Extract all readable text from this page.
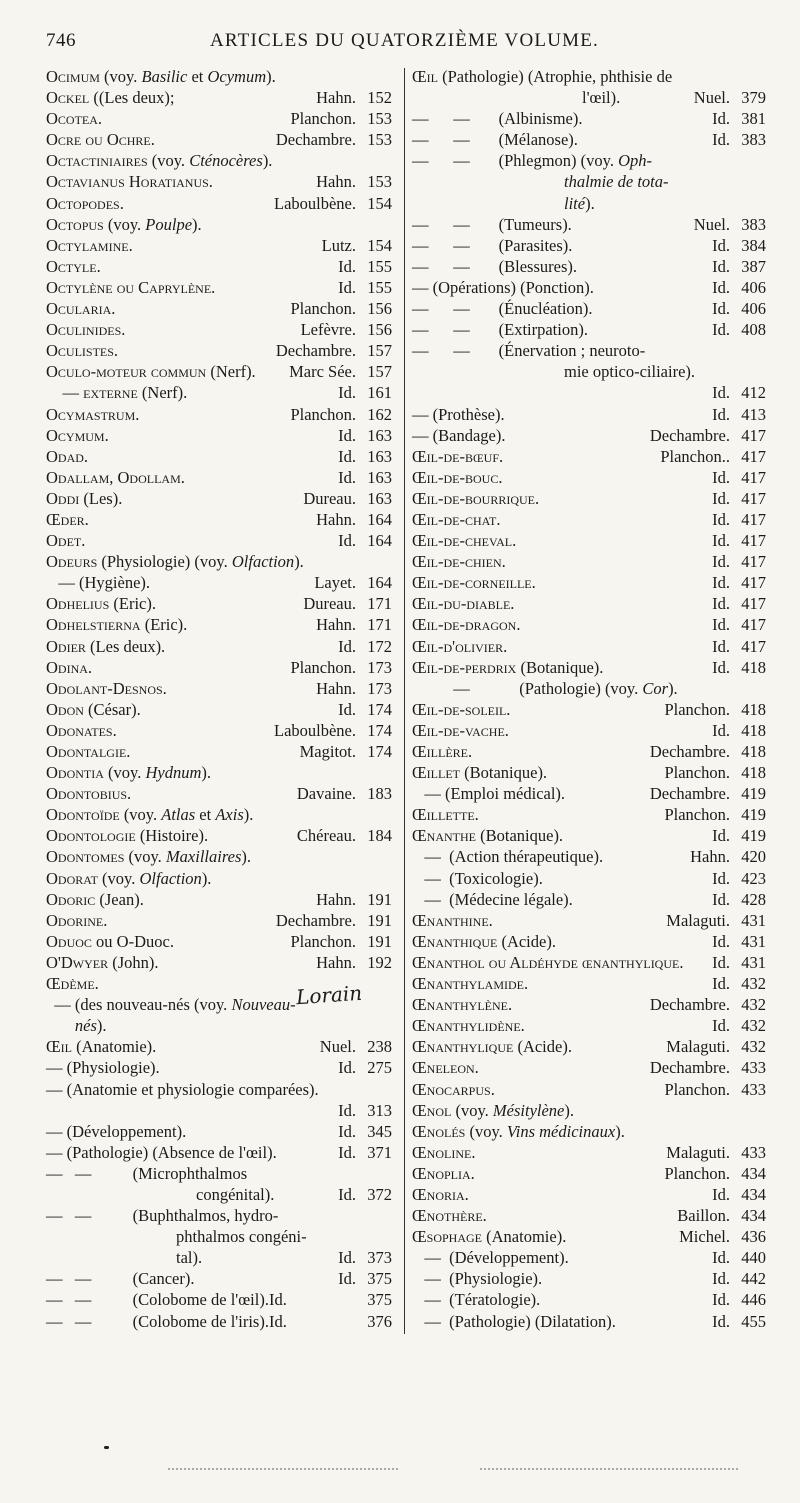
746	ARTICLES DU QUATORZIÈME VOLUME.
Ocimum (voy. Basilic et Ocymum).
Ockel ((Les deux);	Hahn. 152
Ocotea.	Planchon. 153
Ocre ou Ochre.	Dechambre. 153
Octactiniaires (voy. Cténocères).
Octavianus Horatianus.	Hahn. 153
Octopodes.	Laboulbène. 154
Octopus (voy. Poulpe).
Octylamine.	Lutz. 154
Octyle.	Id. 155
Octylène ou Caprylène.	Id. 155
Ocularia.	Planchon. 156
Oculinides.	Lefèvre. 156
Oculistes.	Dechambre. 157
Oculo-moteur commun (Nerf). Marc Sée. 157
— externe (Nerf).	Id. 161
Ocymastrum.	Planchon. 162
Ocymum.	Id. 163
Odad.	Id. 163
Odallam, Odollam.	Id. 163
Oddi (Les).	Dureau. 163
Œder.	Hahn. 164
Odet.	Id. 164
Odeurs (Physiologie) (voy. Olfaction).
— (Hygiène).	Layet. 164
Odhelius (Eric).	Dureau. 171
Odhelstierna (Eric).	Hahn. 171
Odier (Les deux).	Id. 172
Odina.	Planchon. 173
Odolant-Desnos.	Hahn. 173
Odon (César).	Id. 174
Odonates.	Laboulbène. 174
Odontalgie.	Magitot. 174
Odontia (voy. Hydnum).
Odontobius.	Davaine. 183
Odontoïde (voy. Atlas et Axis).
Odontologie (Histoire).	Chéreau. 184
Odontomes (voy. Maxillaires).
Odorat (voy. Olfaction).
Odoric (Jean).	Hahn. 191
Odorine.	Dechambre. 191
Oduoc ou O-Duoc.	Planchon. 191
O'Dwyer (John).	Hahn. 192
Œdème.
— (des nouveau-nés (voy. Nouveau-
nés).
Œil (Anatomie).	Nuel. 238
— (Physiologie).	Id. 275
— (Anatomie et physiologie comparées).
Id. 313
— (Développement).	Id. 345
— (Pathologie) (Absence de l'œil).	Id. 371
—   —          (Microphthalmos
congénital).	Id. 372
—   —          (Buphthalmos, hydro-
phthalmos congéni-
tal).	Id. 373
—   —          (Cancer).	Id. 375
—   —          (Colobome de l'œil).Id.	375
—   —          (Colobome de l'iris).Id.	376
Œil (Pathologie) (Atrophie, phthisie de
l'œil).	Nuel. 379
—      —       (Albinisme).	Id. 381
—      —       (Mélanose).	Id. 383
—      —       (Phlegmon) (voy. Oph-
thalmie de tota-
lité).
—      —       (Tumeurs).	Nuel. 383
—      —       (Parasites).	Id. 384
—      —       (Blessures).	Id. 387
— (Opérations) (Ponction).	Id. 406
—      —       (Énucléation).	Id. 406
—      —       (Extirpation).	Id. 408
—      —       (Énervation ; neuroto-
mie optico-ciliaire).
Id. 412
— (Prothèse).	Id. 413
— (Bandage).	Dechambre. 417
Œil-de-bœuf.	Planchon.. 417
Œil-de-bouc.	Id. 417
Œil-de-bourrique.	Id. 417
Œil-de-chat.	Id. 417
Œil-de-cheval.	Id. 417
Œil-de-chien.	Id. 417
Œil-de-corneille.	Id. 417
Œil-du-diable.	Id. 417
Œil-de-dragon.	Id. 417
Œil-d'olivier.	Id. 417
Œil-de-perdrix (Botanique).	Id. 418
—            (Pathologie) (voy. Cor).
Œil-de-soleil.	Planchon. 418
Œil-de-vache.	Id. 418
Œillère.	Dechambre. 418
Œillet (Botanique).	Planchon. 418
— (Emploi médical).	Dechambre. 419
Œillette.	Planchon. 419
Œnanthe (Botanique).	Id. 419
—  (Action thérapeutique).	Hahn. 420
—  (Toxicologie).	Id. 423
—  (Médecine légale).	Id. 428
Œnanthine.	Malaguti. 431
Œnanthique (Acide).	Id. 431
Œnanthol ou Aldéhyde œnanthylique. Id. 431
Œnanthylamide.	Id. 432
Œnanthylène.	Dechambre. 432
Œnanthylidène.	Id. 432
Œnanthylique (Acide).	Malaguti. 432
Œneleon.	Dechambre. 433
Œnocarpus.	Planchon. 433
Œnol (voy. Mésitylène).
Œnolés (voy. Vins médicinaux).
Œnoline.	Malaguti. 433
Œnoplia.	Planchon. 434
Œnoria.	Id. 434
Œnothère.	Baillon. 434
Œsophage (Anatomie).	Michel. 436
—  (Développement).	Id. 440
—  (Physiologie).	Id. 442
—  (Tératologie).	Id. 446
—  (Pathologie) (Dilatation).	Id. 455
Lorain
